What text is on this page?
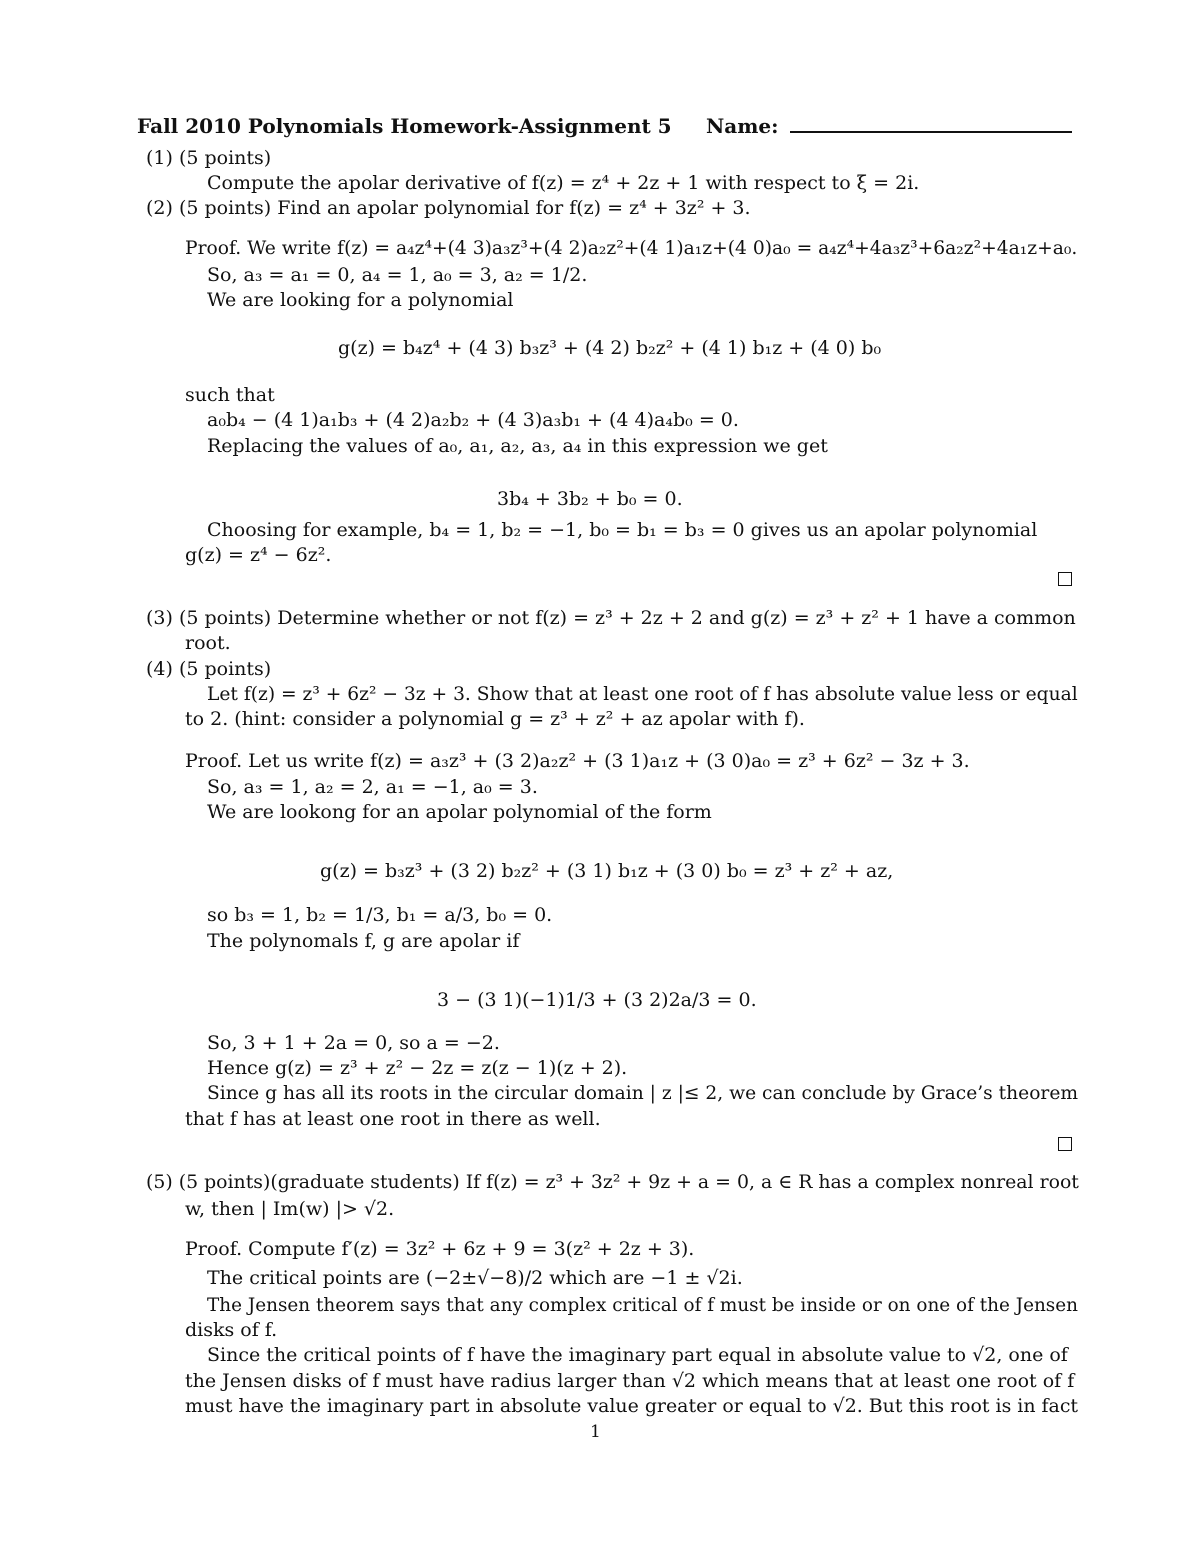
Fall 2010 Polynomials Homework-Assignment 5 Name:
(1) (5 points)
Compute the apolar derivative of f(z) = z⁴ + 2z + 1 with respect to ξ = 2i.
(2) (5 points) Find an apolar polynomial for f(z) = z⁴ + 3z² + 3.
Proof. We write f(z) = a₄z⁴+(4 3)a₃z³+(4 2)a₂z²+(4 1)a₁z+(4 0)a₀ = a₄z⁴+4a₃z³+6a₂z²+4a₁z+a₀.
So, a₃ = a₁ = 0, a₄ = 1, a₀ = 3, a₂ = 1/2.
We are looking for a polynomial
g(z) = b₄z⁴ + (4 3) b₃z³ + (4 2) b₂z² + (4 1) b₁z + (4 0) b₀
such that
a₀b₄ − (4 1)a₁b₃ + (4 2)a₂b₂ + (4 3)a₃b₁ + (4 4)a₄b₀ = 0.
Replacing the values of a₀, a₁, a₂, a₃, a₄ in this expression we get
3b₄ + 3b₂ + b₀ = 0.
Choosing for example, b₄ = 1, b₂ = −1, b₀ = b₁ = b₃ = 0 gives us an apolar polynomial
g(z) = z⁴ − 6z².
(3) (5 points) Determine whether or not f(z) = z³ + 2z + 2 and g(z) = z³ + z² + 1 have a common
root.
(4) (5 points)
Let f(z) = z³ + 6z² − 3z + 3. Show that at least one root of f has absolute value less or equal
to 2. (hint: consider a polynomial g = z³ + z² + az apolar with f).
Proof. Let us write f(z) = a₃z³ + (3 2)a₂z² + (3 1)a₁z + (3 0)a₀ = z³ + 6z² − 3z + 3.
So, a₃ = 1, a₂ = 2, a₁ = −1, a₀ = 3.
We are lookong for an apolar polynomial of the form
g(z) = b₃z³ + (3 2) b₂z² + (3 1) b₁z + (3 0) b₀ = z³ + z² + az,
so b₃ = 1, b₂ = 1/3, b₁ = a/3, b₀ = 0.
The polynomals f, g are apolar if
3 − (3 1)(−1)1/3 + (3 2)2a/3 = 0.
So, 3 + 1 + 2a = 0, so a = −2.
Hence g(z) = z³ + z² − 2z = z(z − 1)(z + 2).
Since g has all its roots in the circular domain | z |≤ 2, we can conclude by Grace’s theorem
that f has at least one root in there as well.
(5) (5 points)(graduate students) If f(z) = z³ + 3z² + 9z + a = 0, a ∈ R has a complex nonreal root
w, then | Im(w) |> √2.
Proof. Compute f′(z) = 3z² + 6z + 9 = 3(z² + 2z + 3).
The critical points are (−2±√−8)/2 which are −1 ± √2i.
The Jensen theorem says that any complex critical of f must be inside or on one of the Jensen
disks of f.
Since the critical points of f have the imaginary part equal in absolute value to √2, one of
the Jensen disks of f must have radius larger than √2 which means that at least one root of f
must have the imaginary part in absolute value greater or equal to √2. But this root is in fact
1
